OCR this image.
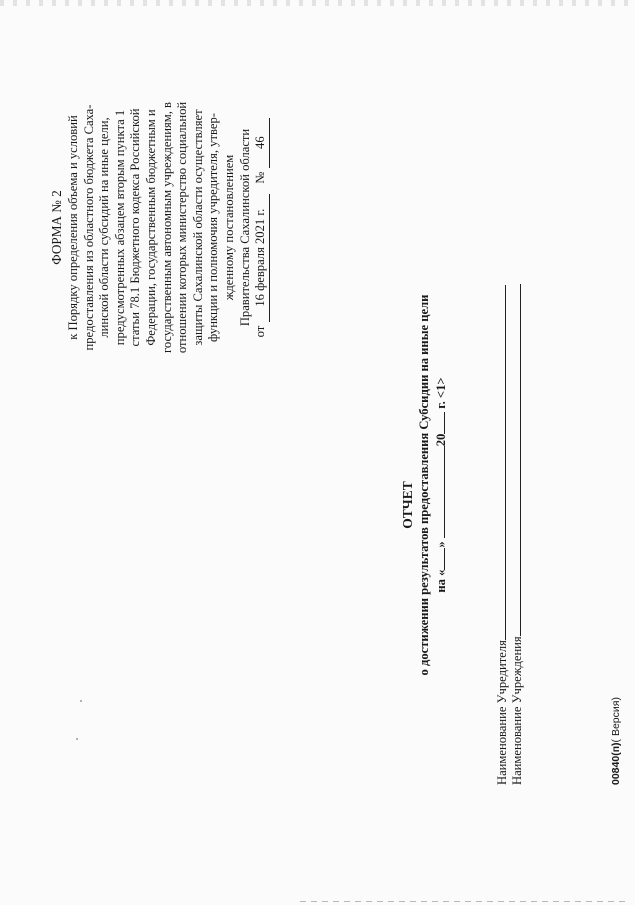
ФОРМА № 2 к Порядку определения объема и условий предоставления из областного бюджета Саха- линской области субсидий на иные цели, предусмотренных абзацем вторым пункта 1 статьи 78.1 Бюджетного кодекса Российской Федерации, государственным бюджетным и государственным автономным учреждениям, в отношении которых министерство социальной защиты Сахалинской области осуществляет функции и полномочия учредителя, утвер- жденному постановлением Правительства Сахалинской области
от
16 февраля 2021 г.
№
46
ОТЧЕТ о достижении результатов предоставления Субсидии на иные цели на «
»
20
г. <1>
Наименование Учредителя Наименование Учреждения	00840(п)( Версия)
